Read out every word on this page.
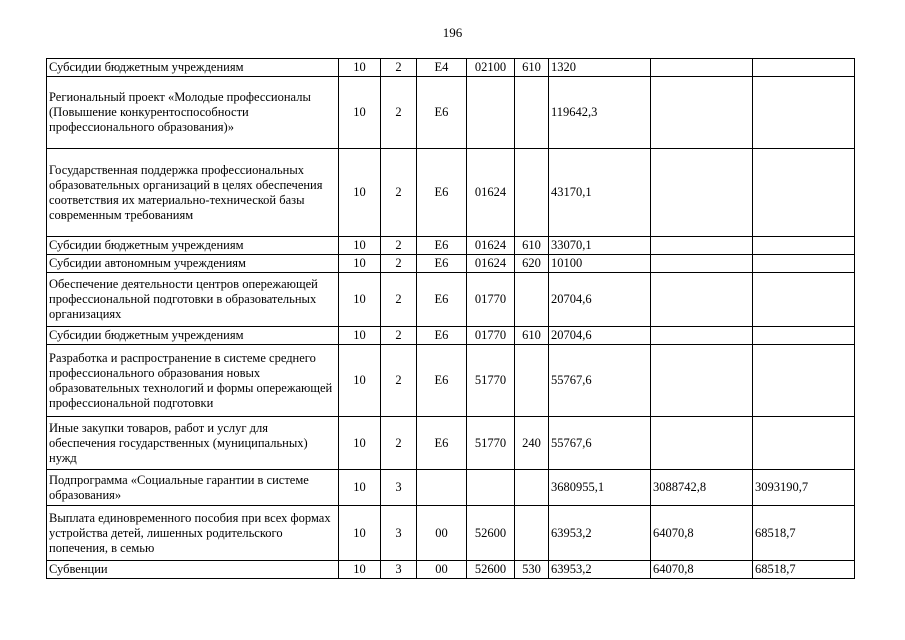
196
Субсидии бюджетным учреждениям	10	2	E4	02100	610	1320		
Региональный проект «Молодые профессионалы (Повышение конкурентоспособности профессионального образования)»	10	2	E6			119642,3		
Государственная поддержка профессиональных образовательных организаций в целях обеспечения соответствия их материально-технической базы современным требованиям	10	2	E6	01624		43170,1		
Субсидии бюджетным учреждениям	10	2	E6	01624	610	33070,1		
Субсидии автономным учреждениям	10	2	E6	01624	620	10100		
Обеспечение деятельности центров опережающей профессиональной подготовки в образовательных организациях	10	2	E6	01770		20704,6		
Субсидии бюджетным учреждениям	10	2	E6	01770	610	20704,6		
Разработка и распространение в системе среднего профессионального образования новых образовательных технологий и формы опережающей профессиональной подготовки	10	2	E6	51770		55767,6		
Иные закупки товаров, работ и услуг для обеспечения государственных (муниципальных) нужд	10	2	E6	51770	240	55767,6		
Подпрограмма «Социальные гарантии в системе образования»	10	3				3680955,1	3088742,8	3093190,7
Выплата единовременного пособия при всех формах устройства детей, лишенных родительского попечения, в семью	10	3	00	52600		63953,2	64070,8	68518,7
Субвенции	10	3	00	52600	530	63953,2	64070,8	68518,7
